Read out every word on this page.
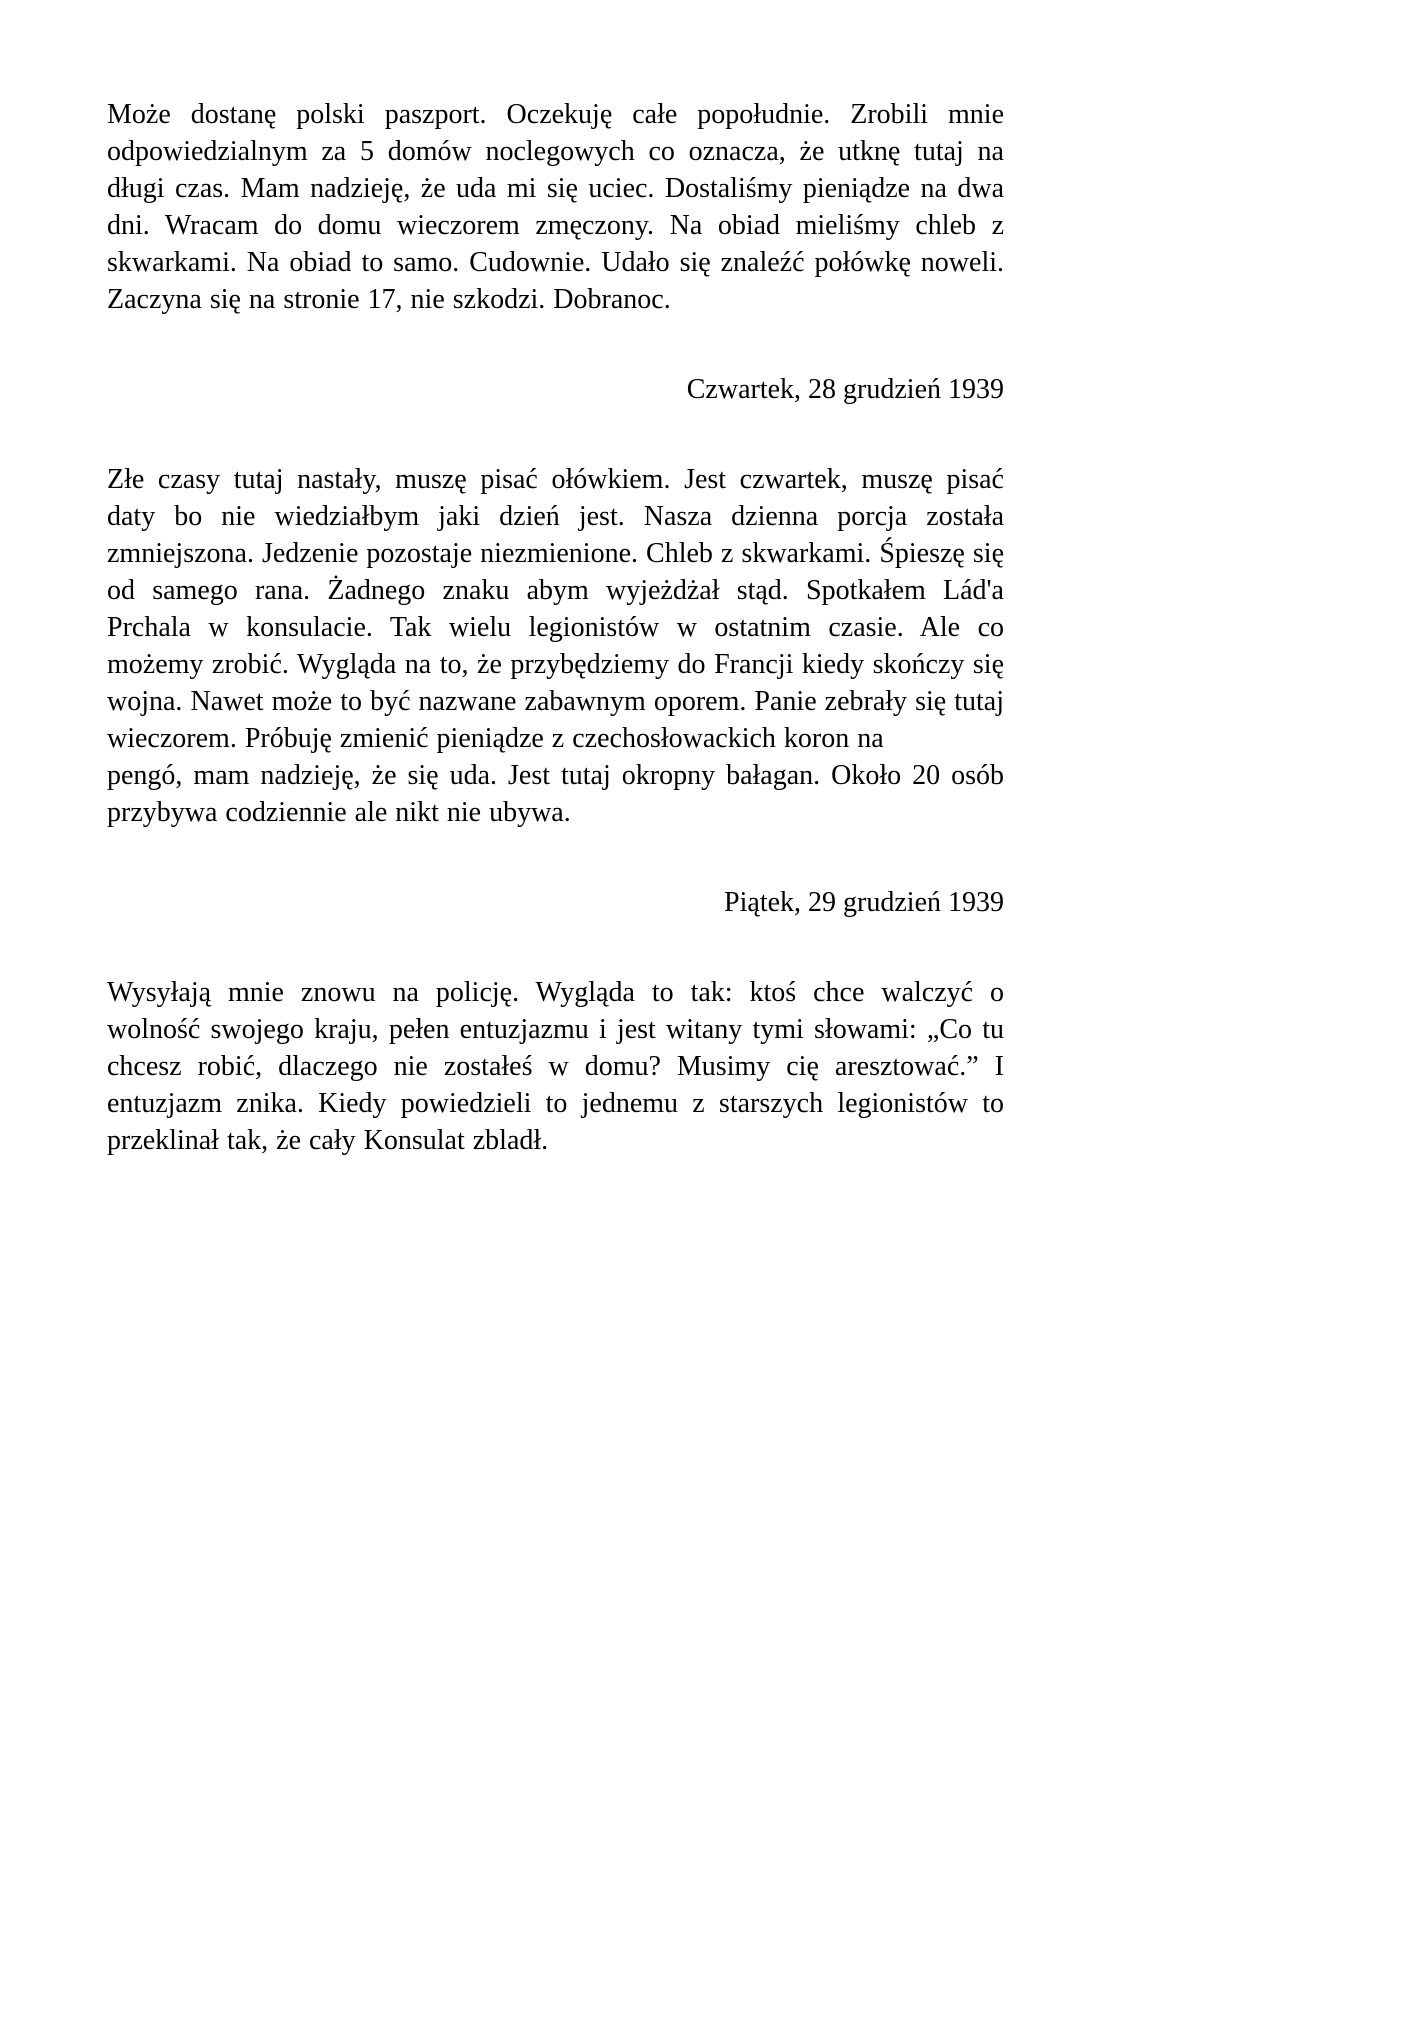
Może dostanę polski paszport. Oczekuję całe popołudnie. Zrobili mnie odpowiedzialnym za 5 domów noclegowych co oznacza, że utknę tutaj na długi czas. Mam nadzieję, że uda mi się uciec. Dostaliśmy pieniądze na dwa dni. Wracam do domu wieczorem zmęczony. Na obiad mieliśmy chleb z skwarkami. Na obiad to samo. Cudownie. Udało się znaleźć połówkę noweli. Zaczyna się na stronie 17, nie szkodzi. Dobranoc.

Czwartek, 28 grudzień 1939

Złe czasy tutaj nastały, muszę pisać ołówkiem. Jest czwartek, muszę pisać daty bo nie wiedziałbym jaki dzień jest. Nasza dzienna porcja została zmniejszona. Jedzenie pozostaje niezmienione. Chleb z skwarkami. Śpieszę się od samego rana. Żadnego znaku abym wyjeżdżał stąd. Spotkałem Lád'a Prchala w konsulacie. Tak wielu legionistów w ostatnim czasie. Ale co możemy zrobić. Wygląda na to, że przybędziemy do Francji kiedy skończy się wojna. Nawet może to być nazwane zabawnym oporem. Panie zebrały się tutaj wieczorem. Próbuję zmienić pieniądze z czechosłowackich koron na

pengó, mam nadzieję, że się uda. Jest tutaj okropny bałagan. Około 20 osób przybywa codziennie ale nikt nie ubywa.

Piątek, 29 grudzień 1939

Wysyłają mnie znowu na policję. Wygląda to tak: ktoś chce walczyć o wolność swojego kraju, pełen entuzjazmu i jest witany tymi słowami: „Co tu chcesz robić, dlaczego nie zostałeś w domu? Musimy cię aresztować.” I entuzjazm znika. Kiedy powiedzieli to jednemu z starszych legionistów to przeklinał tak, że cały Konsulat zbladł.
